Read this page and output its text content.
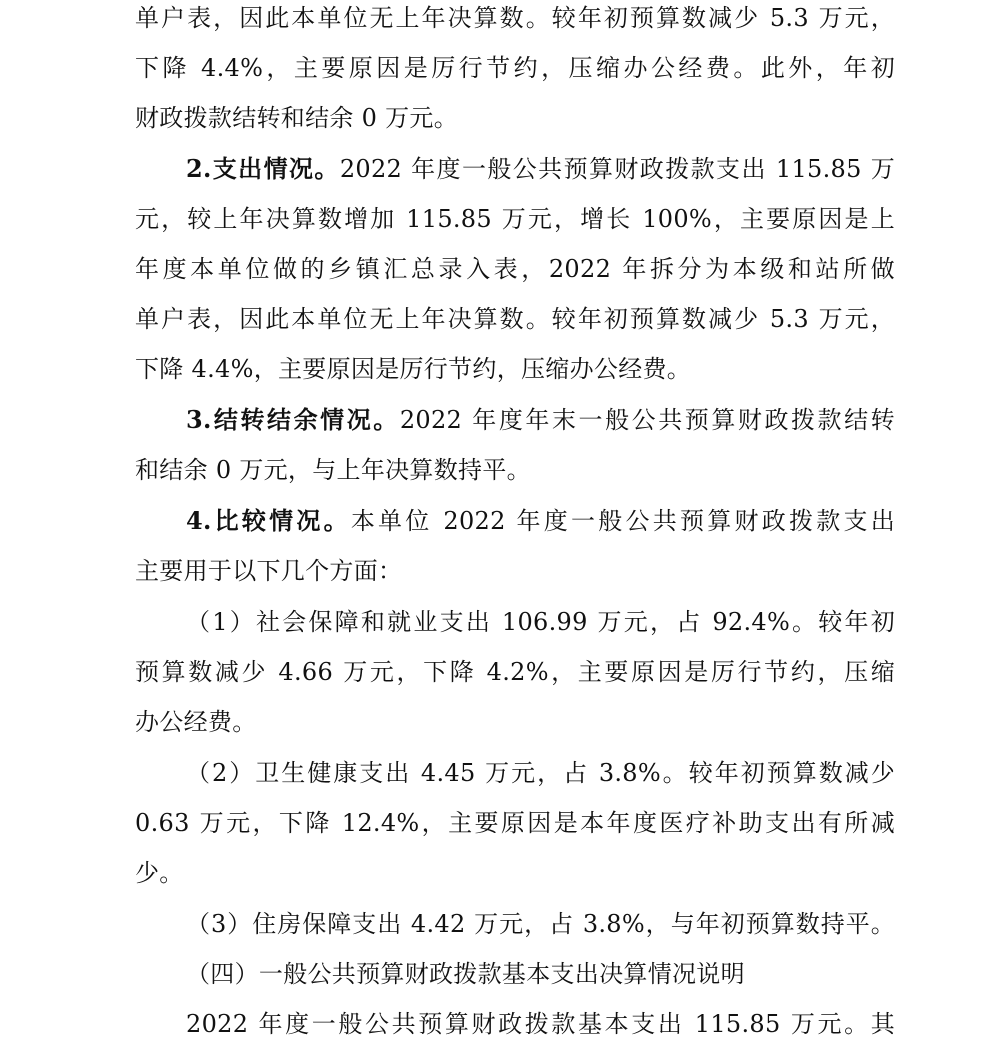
单户表，因此本单位无上年决算数。较年初预算数减少 5.3 万元，
下降 4.4%，主要原因是厉行节约，压缩办公经费。此外，年初
财政拨款结转和结余 0 万元。
2.支出情况。2022 年度一般公共预算财政拨款支出 115.85 万
元，较上年决算数增加 115.85 万元，增长 100%，主要原因是上
年度本单位做的乡镇汇总录入表，2022 年拆分为本级和站所做
单户表，因此本单位无上年决算数。较年初预算数减少 5.3 万元，
下降 4.4%，主要原因是厉行节约，压缩办公经费。
3.结转结余情况。2022 年度年末一般公共预算财政拨款结转
和结余 0 万元，与上年决算数持平。
4.比较情况。本单位 2022 年度一般公共预算财政拨款支出
主要用于以下几个方面：
（1）社会保障和就业支出 106.99 万元，占 92.4%。较年初
预算数减少 4.66 万元，下降 4.2%，主要原因是厉行节约，压缩
办公经费。
（2）卫生健康支出 4.45 万元，占 3.8%。较年初预算数减少
0.63 万元，下降 12.4%，主要原因是本年度医疗补助支出有所减
少。
（3）住房保障支出 4.42 万元，占 3.8%，与年初预算数持平。
（四）一般公共预算财政拨款基本支出决算情况说明
2022 年度一般公共预算财政拨款基本支出 115.85 万元。其
